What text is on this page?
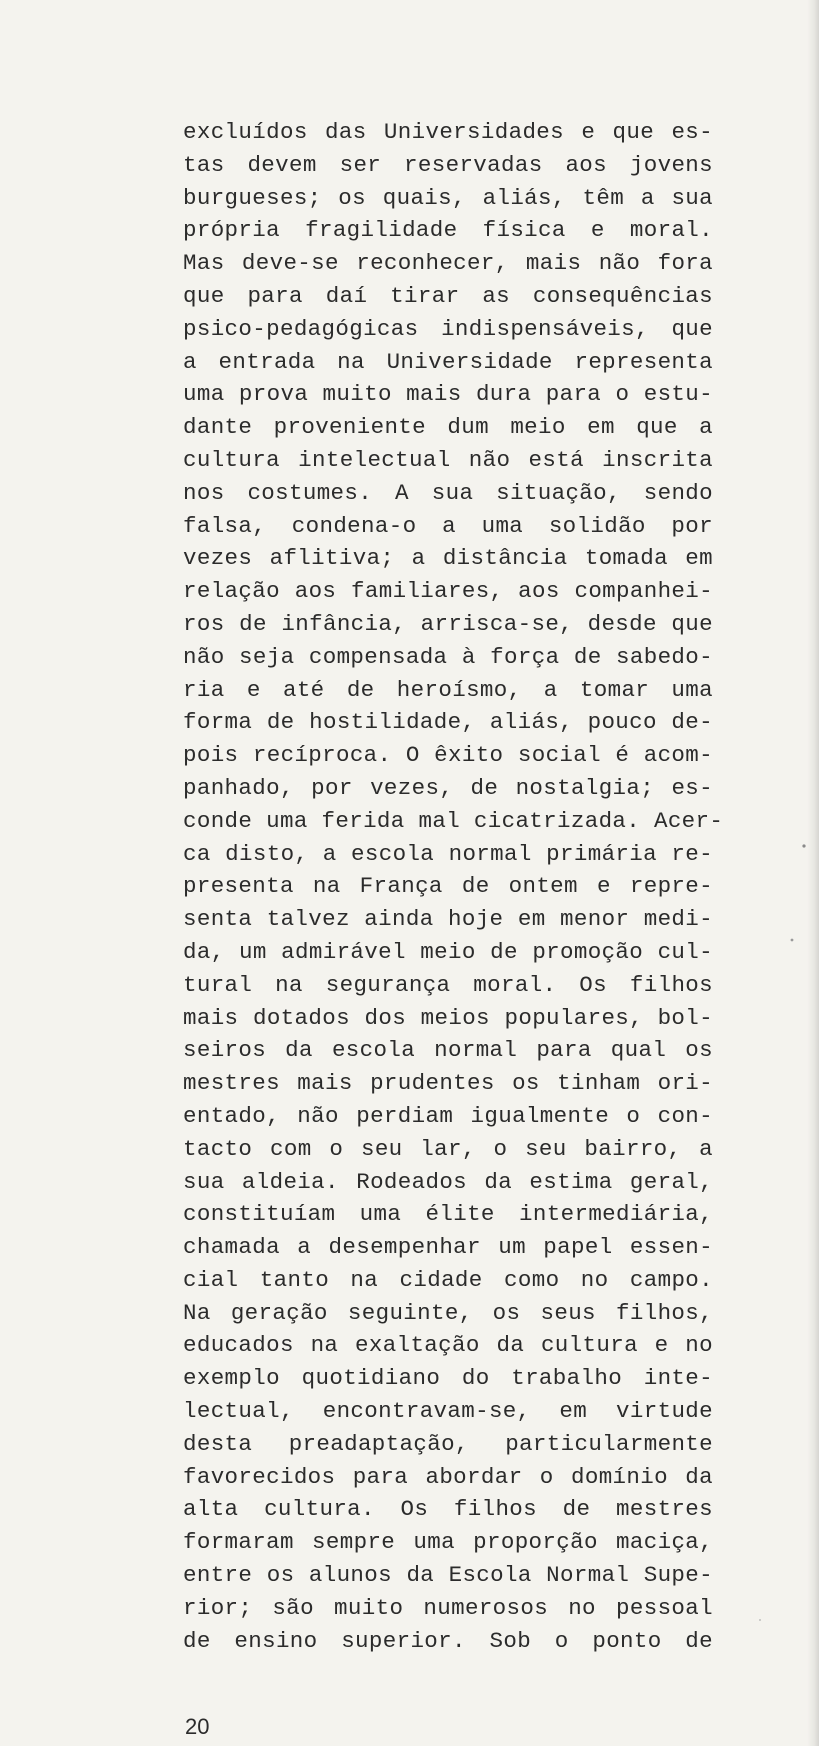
excluídos das Universidades e que es-
tas devem ser reservadas aos jovens
burgueses; os quais, aliás, têm a sua
própria fragilidade física e moral.
Mas deve-se reconhecer, mais não fora
que para daí tirar as consequências
psico-pedagógicas indispensáveis, que
a entrada na Universidade representa
uma prova muito mais dura para o estu-
dante proveniente dum meio em que a
cultura intelectual não está inscrita
nos costumes. A sua situação, sendo
falsa, condena-o a uma solidão por
vezes aflitiva; a distância tomada em
relação aos familiares, aos companhei-
ros de infância, arrisca-se, desde que
não seja compensada à força de sabedo-
ria e até de heroísmo, a tomar uma
forma de hostilidade, aliás, pouco de-
pois recíproca. O êxito social é acom-
panhado, por vezes, de nostalgia; es-
conde uma ferida mal cicatrizada. Acer-
ca disto, a escola normal primária re-
presenta na França de ontem e repre-
senta talvez ainda hoje em menor medi-
da, um admirável meio de promoção cul-
tural na segurança moral. Os filhos
mais dotados dos meios populares, bol-
seiros da escola normal para qual os
mestres mais prudentes os tinham ori-
entado, não perdiam igualmente o con-
tacto com o seu lar, o seu bairro, a
sua aldeia. Rodeados da estima geral,
constituíam uma élite intermediária,
chamada a desempenhar um papel essen-
cial tanto na cidade como no campo.
Na geração seguinte, os seus filhos,
educados na exaltação da cultura e no
exemplo quotidiano do trabalho inte-
lectual, encontravam-se, em virtude
desta preadaptação, particularmente
favorecidos para abordar o domínio da
alta cultura. Os filhos de mestres
formaram sempre uma proporção maciça,
entre os alunos da Escola Normal Supe-
rior; são muito numerosos no pessoal
de ensino superior. Sob o ponto de
20
